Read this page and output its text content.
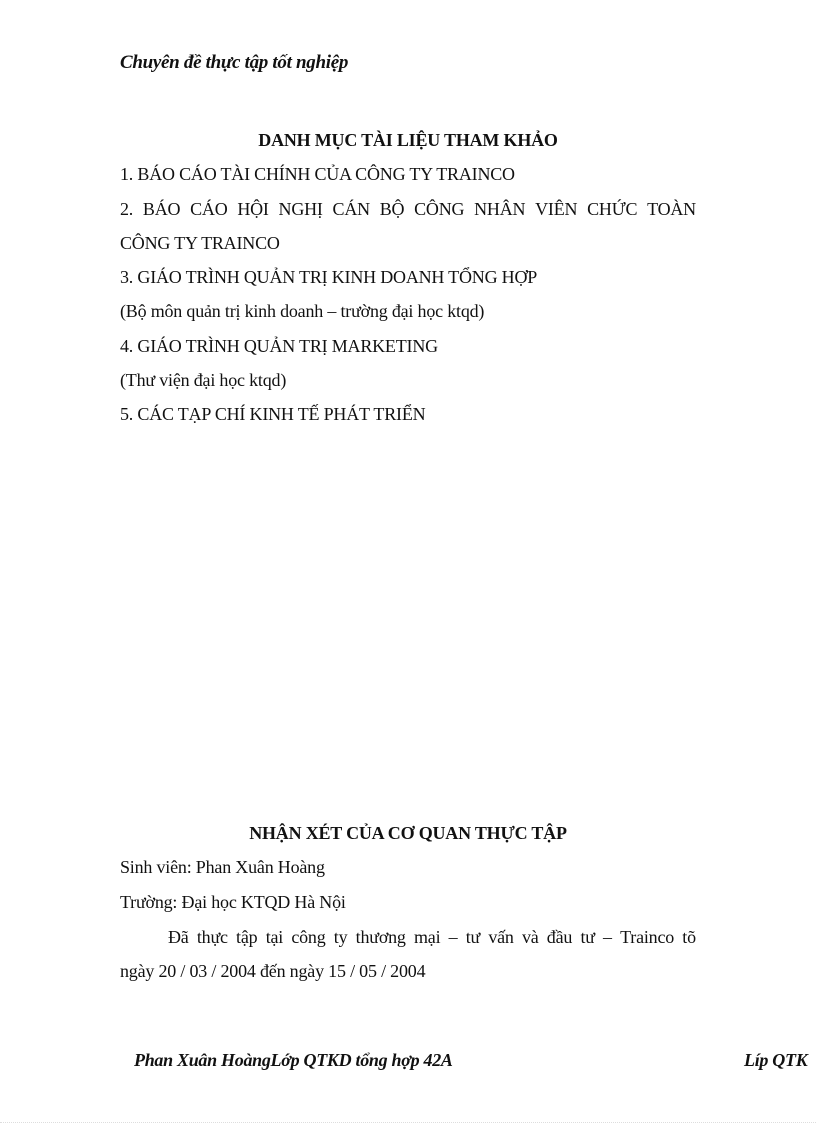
Chuyên đề thực tập tốt nghiệp
DANH MỤC TÀI LIỆU THAM KHẢO
1. BÁO CÁO TÀI CHÍNH CỦA CÔNG TY TRAINCO
2. BÁO CÁO HỘI NGHỊ CÁN BỘ CÔNG NHÂN VIÊN CHỨC TOÀN
CÔNG TY TRAINCO
3. GIÁO TRÌNH QUẢN TRỊ KINH DOANH TỔNG HỢP
(Bộ môn quản trị kinh doanh – trường đại học ktqd)
4. GIÁO TRÌNH QUẢN TRỊ MARKETING
(Thư viện đại học ktqd)
5. CÁC TẠP CHÍ KINH TẾ PHÁT TRIỂN
NHẬN XÉT CỦA CƠ QUAN THỰC TẬP
Sinh viên: Phan Xuân Hoàng
Trường: Đại học KTQD Hà Nội
Đã thực tập tại công ty thương mại – tư vấn và đầu tư – Trainco tõ
ngày 20 / 03 / 2004 đến ngày 15 / 05 / 2004
Phan Xuân HoàngLớp QTKD tổng hợp 42A	Líp QTK
